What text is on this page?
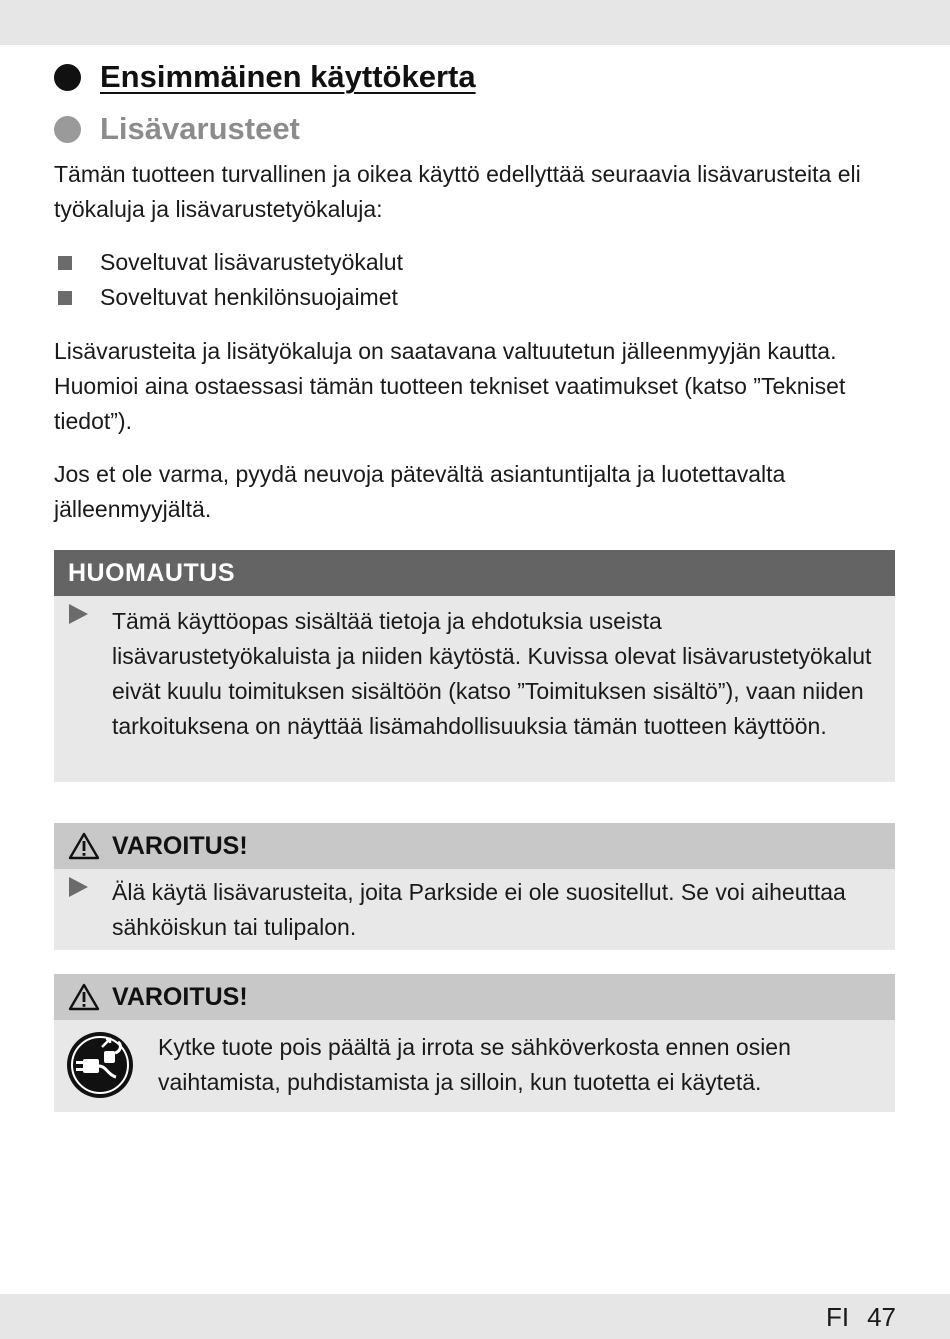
Ensimmäinen käyttökerta
Lisävarusteet

Tämän tuotteen turvallinen ja oikea käyttö edellyttää seuraavia lisävarusteita eli työkaluja ja lisävarustetyökaluja:

Soveltuvat lisävarustetyökalut
Soveltuvat henkilönsuojaimet

Lisävarusteita ja lisätyökaluja on saatavana valtuutetun jälleenmyyjän kautta. Huomioi aina ostaessasi tämän tuotteen tekniset vaatimukset (katso ”Tekniset tiedot”).

Jos et ole varma, pyydä neuvoja pätevältä asiantuntijalta ja luotettavalta jälleenmyyjältä.

HUOMAUTUS
Tämä käyttöopas sisältää tietoja ja ehdotuksia useista lisävarustetyökaluista ja niiden käytöstä. Kuvissa olevat lisävarustetyökalut eivät kuulu toimituksen sisältöön (katso ”Toimituksen sisältö”), vaan niiden tarkoituksena on näyttää lisämahdollisuuksia tämän tuotteen käyttöön.
VAROITUS!
Älä käytä lisävarusteita, joita Parkside ei ole suositellut. Se voi aiheuttaa sähköiskun tai tulipalon.
VAROITUS!
Kytke tuote pois päältä ja irrota se sähköverkosta ennen osien vaihtamista, puhdistamista ja silloin, kun tuotetta ei käytetä.
FI 47
